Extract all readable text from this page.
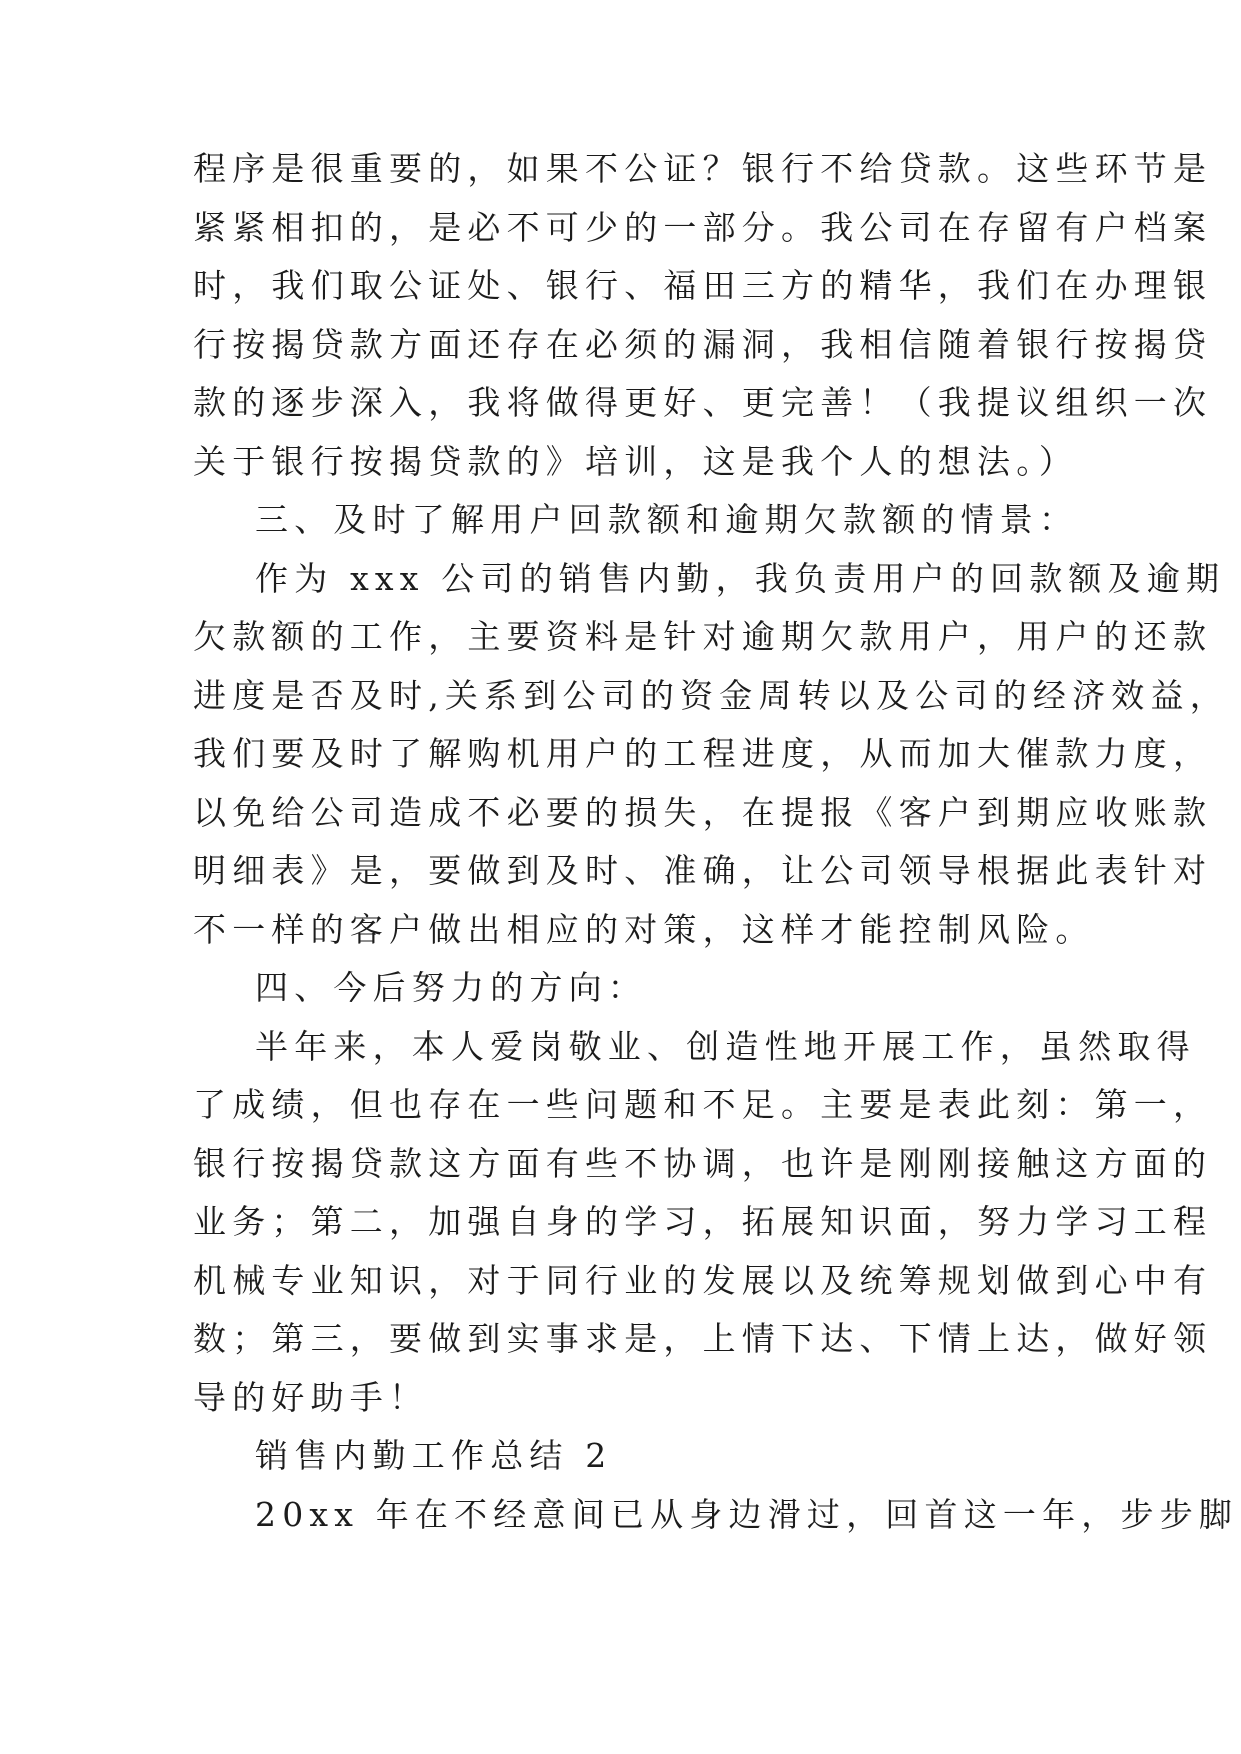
程序是很重要的，如果不公证？银行不给贷款。这些环节是
紧紧相扣的，是必不可少的一部分。我公司在存留有户档案
时，我们取公证处、银行、福田三方的精华，我们在办理银
行按揭贷款方面还存在必须的漏洞，我相信随着银行按揭贷
款的逐步深入，我将做得更好、更完善！（我提议组织一次
关于银行按揭贷款的》培训，这是我个人的想法。）
三、及时了解用户回款额和逾期欠款额的情景：
作为 xxx 公司的销售内勤，我负责用户的回款额及逾期
欠款额的工作，主要资料是针对逾期欠款用户，用户的还款
进度是否及时,关系到公司的资金周转以及公司的经济效益，
我们要及时了解购机用户的工程进度，从而加大催款力度，
以免给公司造成不必要的损失，在提报《客户到期应收账款
明细表》是，要做到及时、准确，让公司领导根据此表针对
不一样的客户做出相应的对策，这样才能控制风险。
四、今后努力的方向：
半年来，本人爱岗敬业、创造性地开展工作，虽然取得
了成绩，但也存在一些问题和不足。主要是表此刻：第一，
银行按揭贷款这方面有些不协调，也许是刚刚接触这方面的
业务；第二，加强自身的学习，拓展知识面，努力学习工程
机械专业知识，对于同行业的发展以及统筹规划做到心中有
数；第三，要做到实事求是，上情下达、下情上达，做好领
导的好助手！
销售内勤工作总结 2
20xx 年在不经意间已从身边滑过，回首这一年，步步脚
